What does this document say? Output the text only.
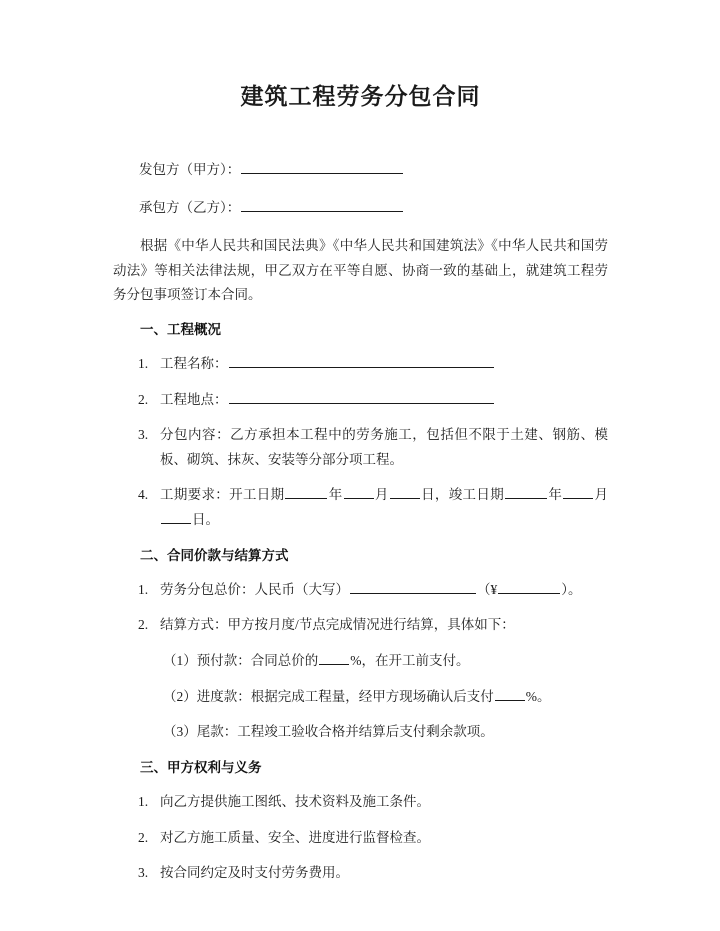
建筑工程劳务分包合同

发包方（甲方）：

承包方（乙方）：

根据《中华人民共和国民法典》《中华人民共和国建筑法》《中华人民共和国劳动法》等相关法律法规，甲乙双方在平等自愿、协商一致的基础上，就建筑工程劳务分包事项签订本合同。

一、工程概况
1. 工程名称：
2. 工程地点：
3. 分包内容：乙方承担本工程中的劳务施工，包括但不限于土建、钢筋、模板、砌筑、抹灰、安装等分部分项工程。
4. 工期要求：开工日期	年 月 日，竣工日期	年 月日。
二、合同价款与结算方式
1. 劳务分包总价：人民币（大写）	（¥	）。
2. 结算方式：甲方按月度/节点完成情况进行结算，具体如下：

（1）预付款：合同总价的 %，在开工前支付。

（2）进度款：根据完成工程量，经甲方现场确认后支付 %。

（3）尾款：工程竣工验收合格并结算后支付剩余款项。

三、甲方权利与义务
1. 向乙方提供施工图纸、技术资料及施工条件。
2. 对乙方施工质量、安全、进度进行监督检查。
3. 按合同约定及时支付劳务费用。
